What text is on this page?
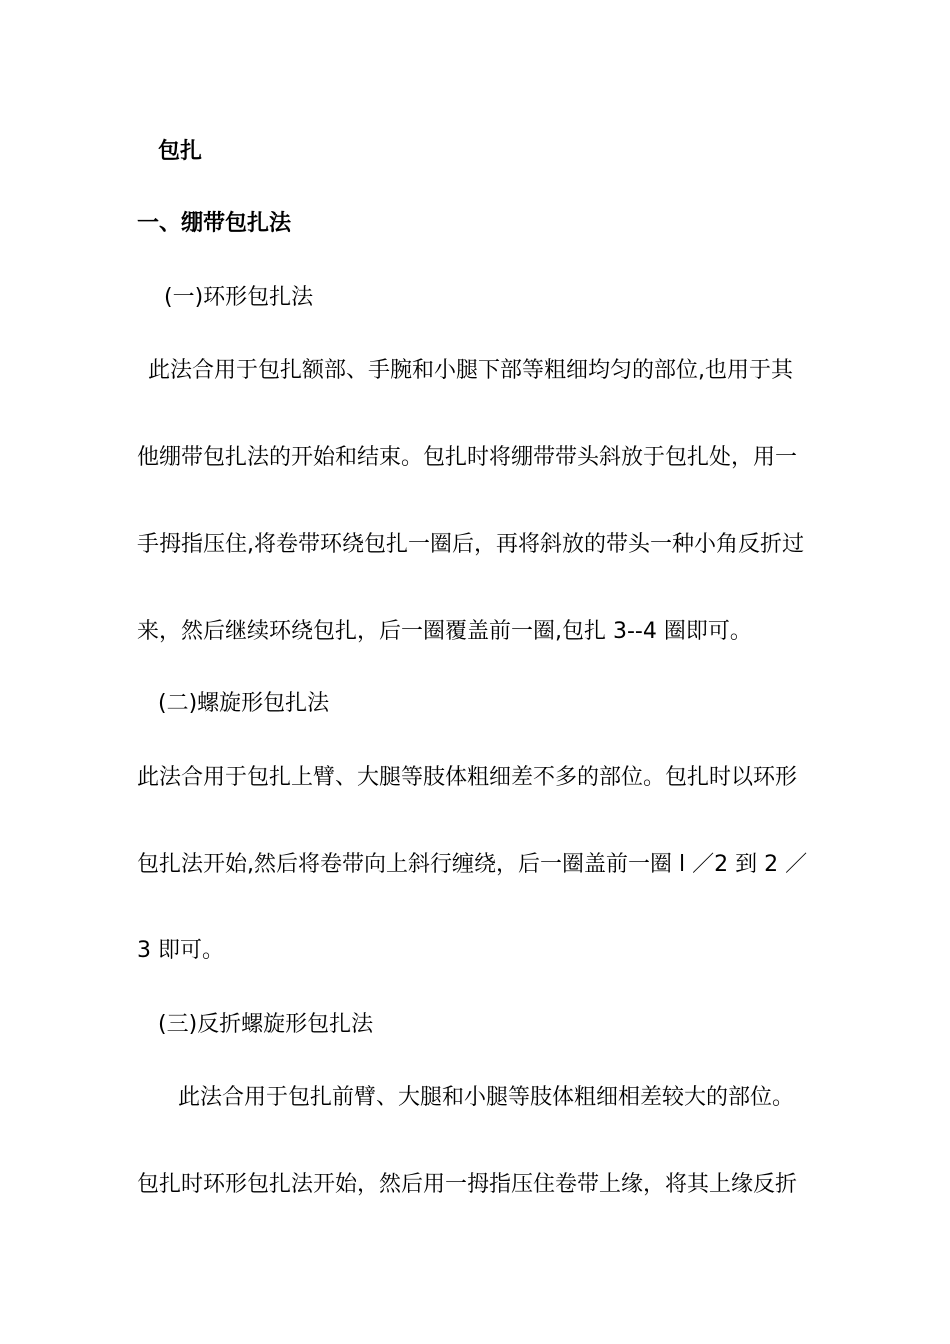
包扎
一、绷带包扎法
(一)环形包扎法

此法合用于包扎额部、手腕和小腿下部等粗细均匀的部位,也用于其

他绷带包扎法的开始和结束。包扎时将绷带带头斜放于包扎处，用一

手拇指压住,将卷带环绕包扎一圈后，再将斜放的带头一种小角反折过

来，然后继续环绕包扎，后一圈覆盖前一圈,包扎 3--4 圈即可。

(二)螺旋形包扎法

此法合用于包扎上臂、大腿等肢体粗细差不多的部位。包扎时以环形

包扎法开始,然后将卷带向上斜行缠绕，后一圈盖前一圈 l ／2 到 2 ／

3 即可。

(三)反折螺旋形包扎法

此法合用于包扎前臂、大腿和小腿等肢体粗细相差较大的部位。

包扎时环形包扎法开始，然后用一拇指压住卷带上缘，将其上缘反折
